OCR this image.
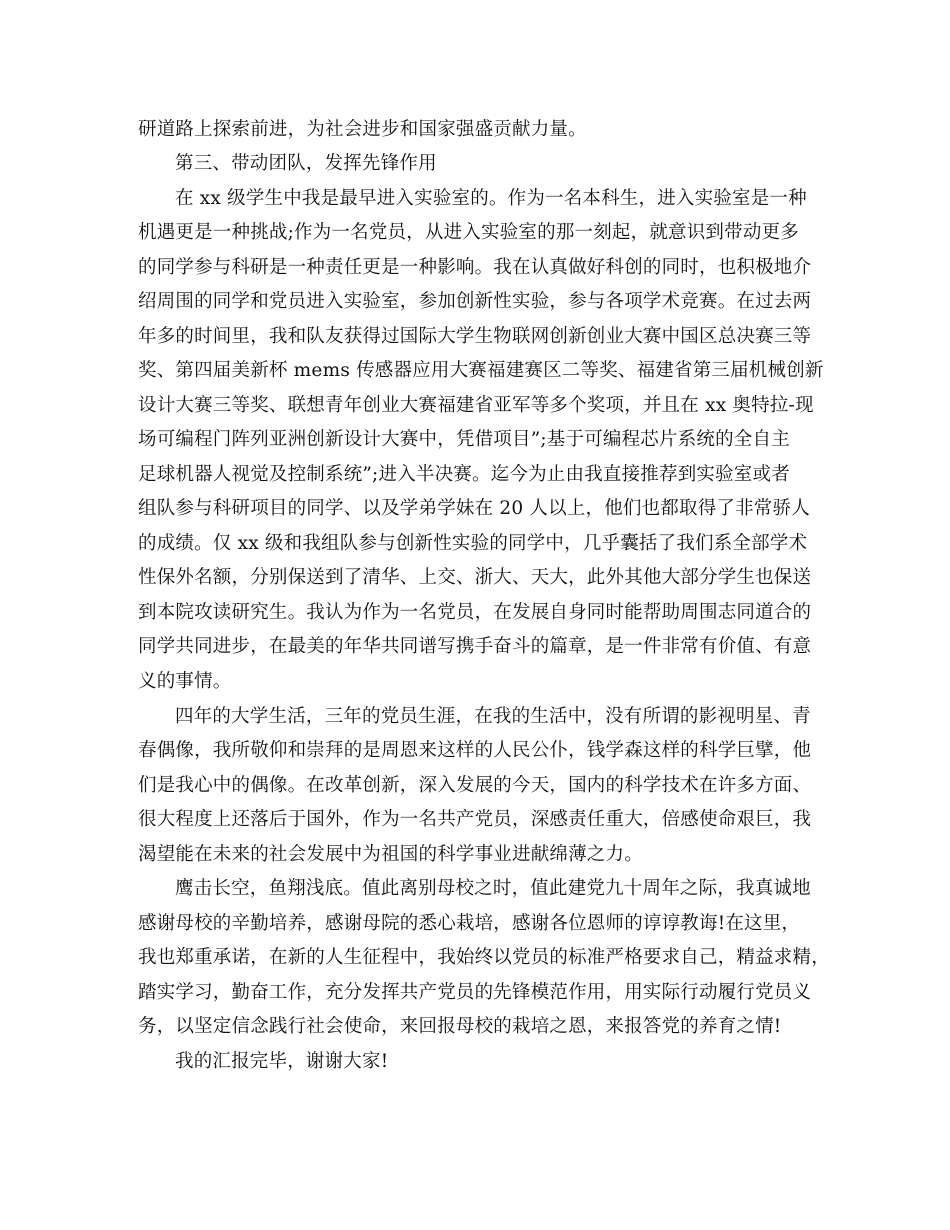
研道路上探索前进，为社会进步和国家强盛贡献力量。
第三、带动团队，发挥先锋作用
在 xx 级学生中我是最早进入实验室的。作为一名本科生，进入实验室是一种
机遇更是一种挑战;作为一名党员，从进入实验室的那一刻起，就意识到带动更多
的同学参与科研是一种责任更是一种影响。我在认真做好科创的同时，也积极地介
绍周围的同学和党员进入实验室，参加创新性实验，参与各项学术竞赛。在过去两
年多的时间里，我和队友获得过国际大学生物联网创新创业大赛中国区总决赛三等
奖、第四届美新杯 mems 传感器应用大赛福建赛区二等奖、福建省第三届机械创新
设计大赛三等奖、联想青年创业大赛福建省亚军等多个奖项，并且在 xx 奥特拉-现
场可编程门阵列亚洲创新设计大赛中，凭借项目”;基于可编程芯片系统的全自主
足球机器人视觉及控制系统”;进入半决赛。迄今为止由我直接推荐到实验室或者
组队参与科研项目的同学、以及学弟学妹在 20 人以上，他们也都取得了非常骄人
的成绩。仅 xx 级和我组队参与创新性实验的同学中，几乎囊括了我们系全部学术
性保外名额，分别保送到了清华、上交、浙大、天大，此外其他大部分学生也保送
到本院攻读研究生。我认为作为一名党员，在发展自身同时能帮助周围志同道合的
同学共同进步，在最美的年华共同谱写携手奋斗的篇章，是一件非常有价值、有意
义的事情。
四年的大学生活，三年的党员生涯，在我的生活中，没有所谓的影视明星、青
春偶像，我所敬仰和崇拜的是周恩来这样的人民公仆，钱学森这样的科学巨擘，他
们是我心中的偶像。在改革创新，深入发展的今天，国内的科学技术在许多方面、
很大程度上还落后于国外，作为一名共产党员，深感责任重大，倍感使命艰巨，我
渴望能在未来的社会发展中为祖国的科学事业进献绵薄之力。
鹰击长空，鱼翔浅底。值此离别母校之时，值此建党九十周年之际，我真诚地
感谢母校的辛勤培养，感谢母院的悉心栽培，感谢各位恩师的谆谆教诲!在这里，
我也郑重承诺，在新的人生征程中，我始终以党员的标准严格要求自己，精益求精，
踏实学习，勤奋工作，充分发挥共产党员的先锋模范作用，用实际行动履行党员义
务，以坚定信念践行社会使命，来回报母校的栽培之恩，来报答党的养育之情!
我的汇报完毕，谢谢大家!
